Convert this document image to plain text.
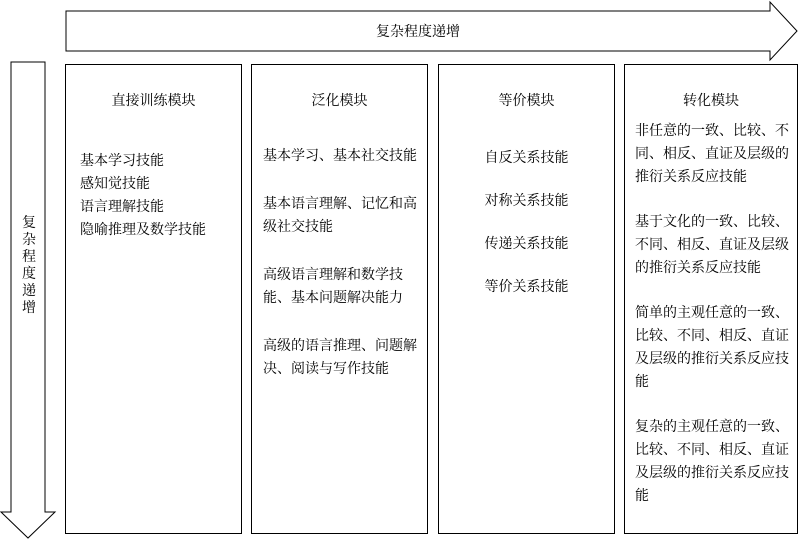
复杂程度递增
复杂程度递增
直接训练模块

基本学习技能

感知觉技能

语言理解技能

隐喻推理及数学技能

泛化模块

基本学习、基本社交技能

基本语言理解、记忆和高级社交技能

高级语言理解和数学技能、基本问题解决能力

高级的语言推理、问题解决、阅读与写作技能

等价模块

自反关系技能

对称关系技能

传递关系技能

等价关系技能

转化模块

非任意的一致、比较、不同、相反、直证及层级的推衍关系反应技能

基于文化的一致、比较、不同、相反、直证及层级的推衍关系反应技能

简单的主观任意的一致、比较、不同、相反、直证及层级的推衍关系反应技能

复杂的主观任意的一致、比较、不同、相反、直证及层级的推衍关系反应技能
